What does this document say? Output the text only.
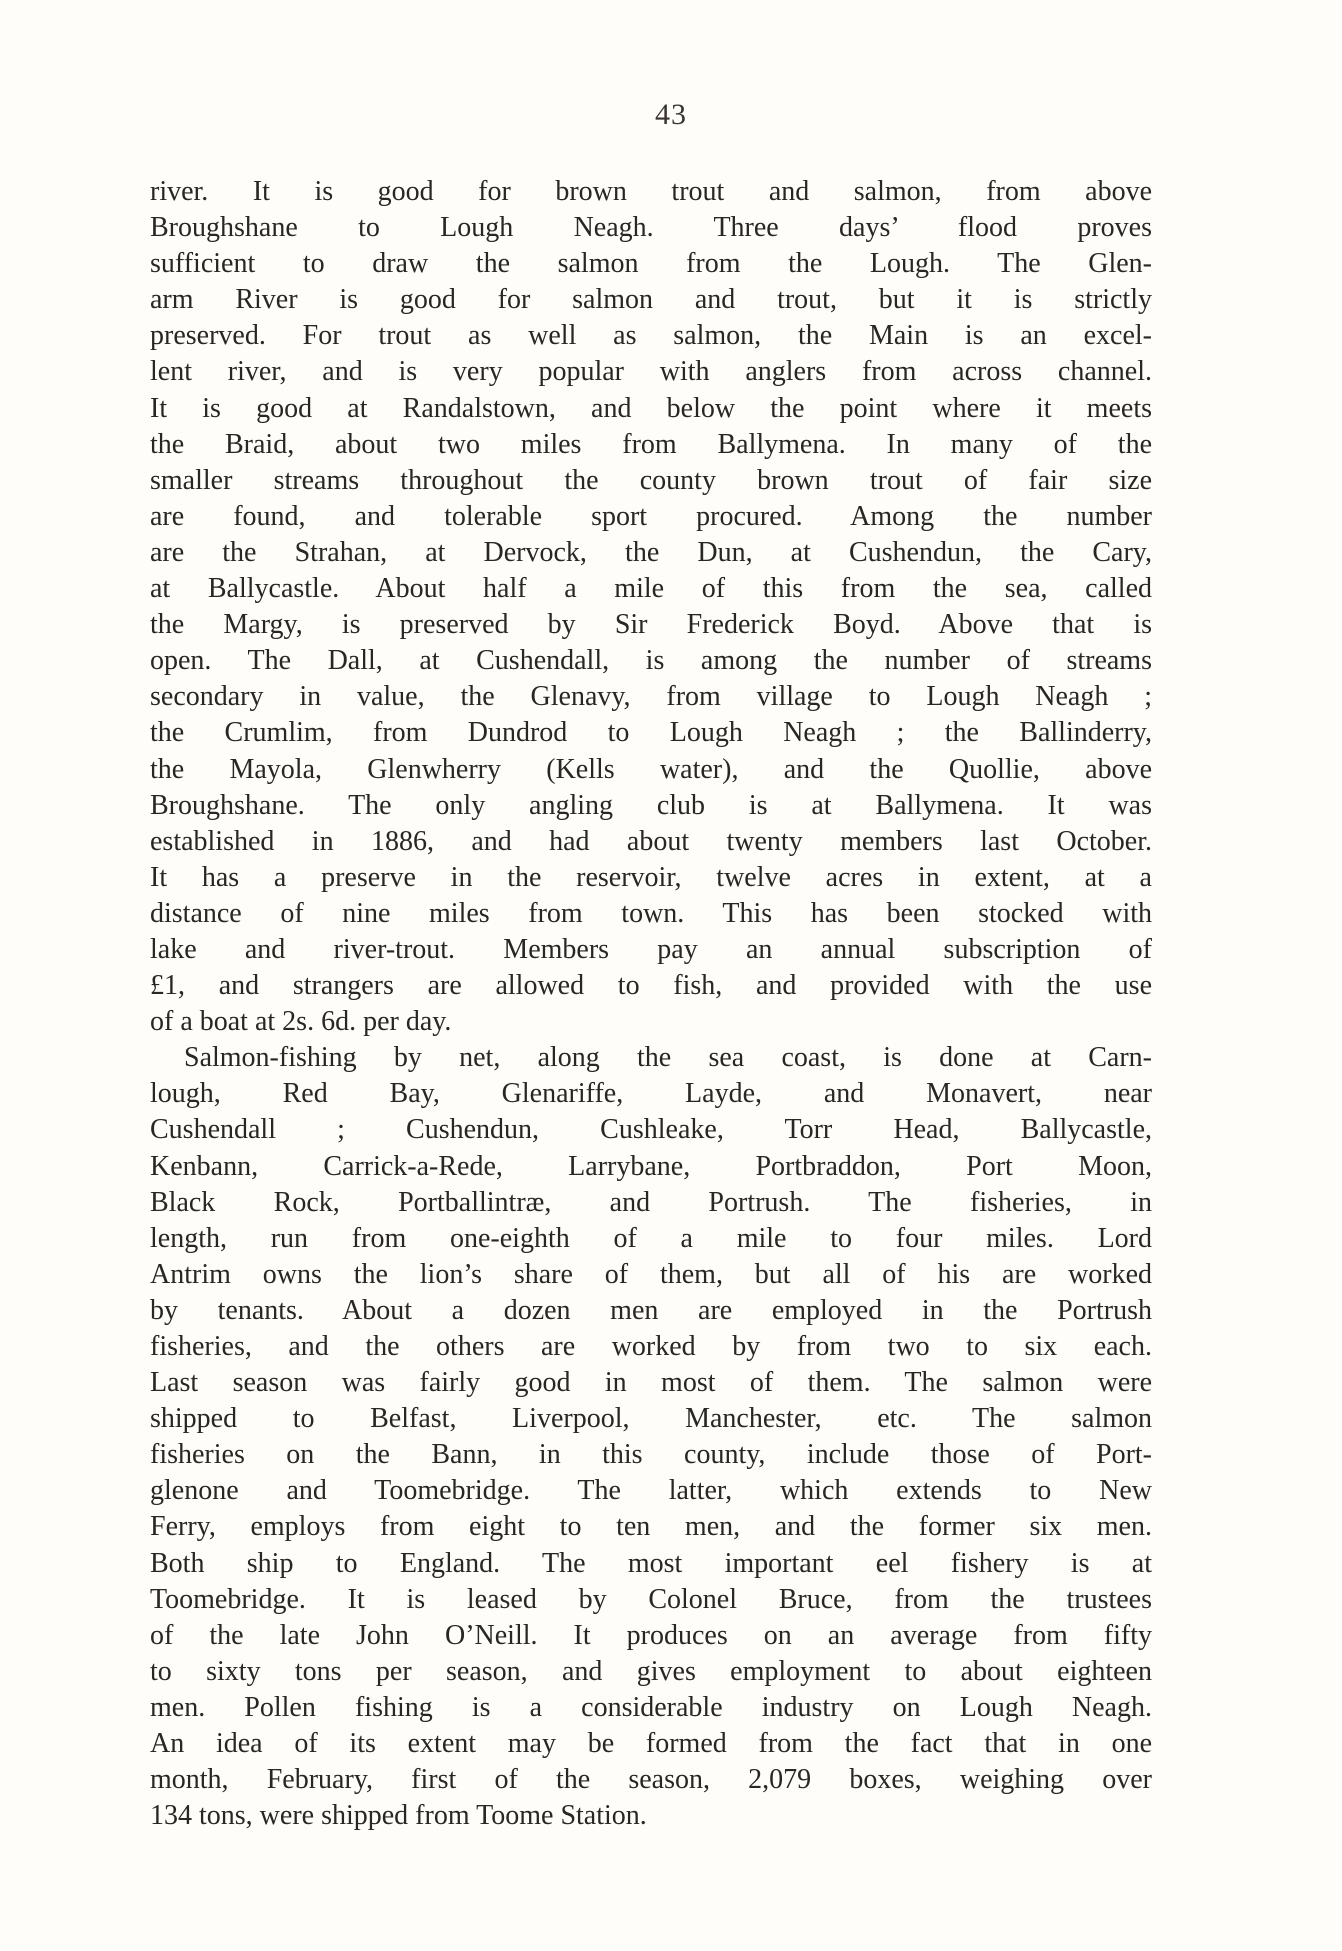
43
river. It is good for brown trout and salmon, from above
Broughshane to Lough Neagh. Three days’ flood proves
sufficient to draw the salmon from the Lough. The Glen-
arm River is good for salmon and trout, but it is strictly
preserved. For trout as well as salmon, the Main is an excel-
lent river, and is very popular with anglers from across channel.
It is good at Randalstown, and below the point where it meets
the Braid, about two miles from Ballymena. In many of the
smaller streams throughout the county brown trout of fair size
are found, and tolerable sport procured. Among the number
are the Strahan, at Dervock, the Dun, at Cushendun, the Cary,
at Ballycastle. About half a mile of this from the sea, called
the Margy, is preserved by Sir Frederick Boyd. Above that is
open. The Dall, at Cushendall, is among the number of streams
secondary in value, the Glenavy, from village to Lough Neagh ;
the Crumlim, from Dundrod to Lough Neagh ; the Ballinderry,
the Mayola, Glenwherry (Kells water), and the Quollie, above
Broughshane. The only angling club is at Ballymena. It was
established in 1886, and had about twenty members last October.
It has a preserve in the reservoir, twelve acres in extent, at a
distance of nine miles from town. This has been stocked with
lake and river-trout. Members pay an annual subscription of
£1, and strangers are allowed to fish, and provided with the use
of a boat at 2s. 6d. per day.
Salmon-fishing by net, along the sea coast, is done at Carn-
lough, Red Bay, Glenariffe, Layde, and Monavert, near
Cushendall ; Cushendun, Cushleake, Torr Head, Ballycastle,
Kenbann, Carrick-a-Rede, Larrybane, Portbraddon, Port Moon,
Black Rock, Portballintræ, and Portrush. The fisheries, in
length, run from one-eighth of a mile to four miles. Lord
Antrim owns the lion’s share of them, but all of his are worked
by tenants. About a dozen men are employed in the Portrush
fisheries, and the others are worked by from two to six each.
Last season was fairly good in most of them. The salmon were
shipped to Belfast, Liverpool, Manchester, etc. The salmon
fisheries on the Bann, in this county, include those of Port-
glenone and Toomebridge. The latter, which extends to New
Ferry, employs from eight to ten men, and the former six men.
Both ship to England. The most important eel fishery is at
Toomebridge. It is leased by Colonel Bruce, from the trustees
of the late John O’Neill. It produces on an average from fifty
to sixty tons per season, and gives employment to about eighteen
men. Pollen fishing is a considerable industry on Lough Neagh.
An idea of its extent may be formed from the fact that in one
month, February, first of the season, 2,079 boxes, weighing over
134 tons, were shipped from Toome Station.
